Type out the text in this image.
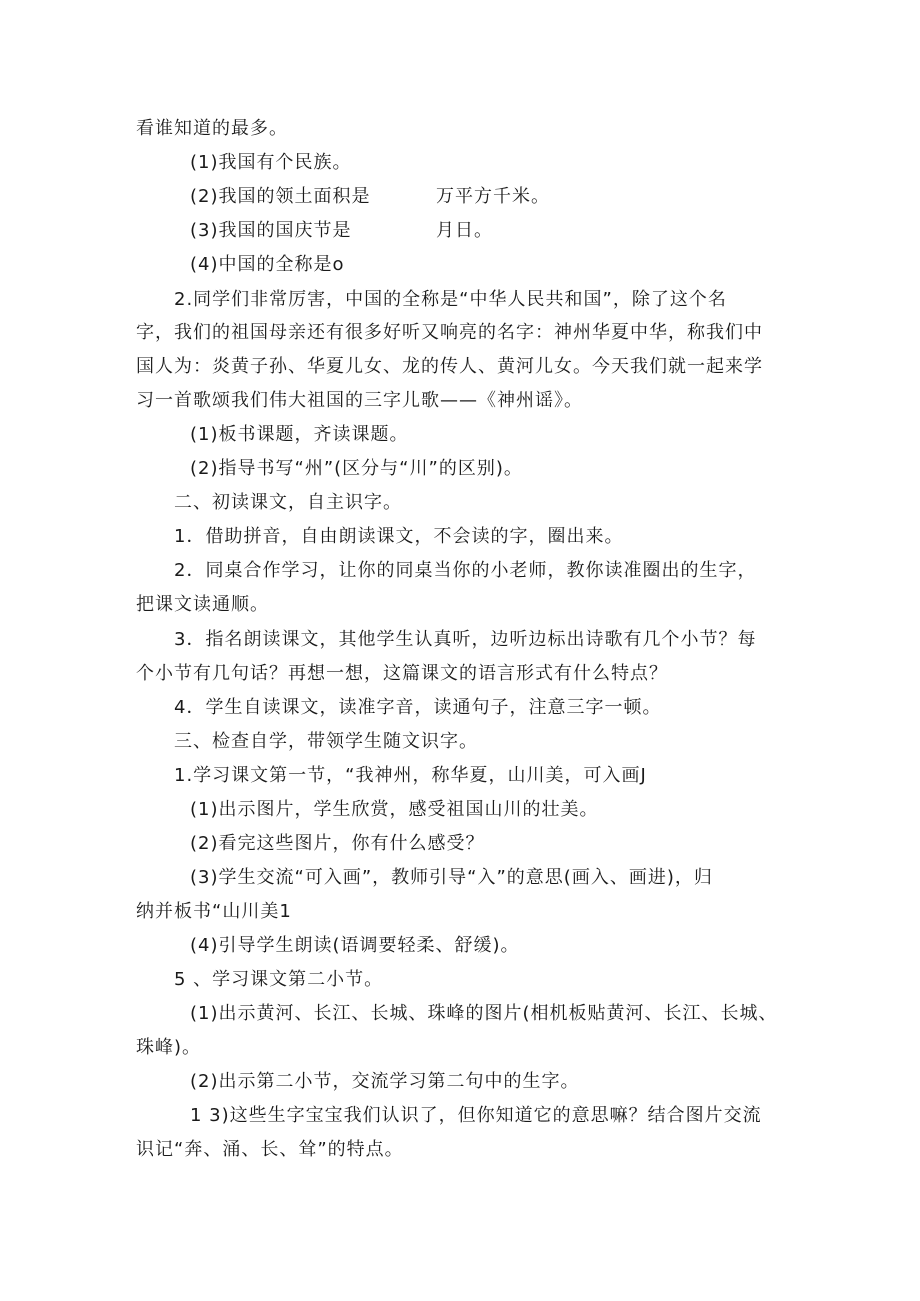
看谁知道的最多。
(1)我国有个民族。
(2)我国的领土面积是	万平方千米。
(3)我国的国庆节是	月日。
(4)中国的全称是o
2.同学们非常厉害，中国的全称是“中华人民共和国”，除了这个名
字，我们的祖国母亲还有很多好听又响亮的名字：神州华夏中华，称我们中
国人为：炎黄子孙、华夏儿女、龙的传人、黄河儿女。今天我们就一起来学
习一首歌颂我们伟大祖国的三字儿歌——《神州谣》。
(1)板书课题，齐读课题。
(2)指导书写“州”(区分与“川”的区别)。
二、初读课文，自主识字。
1．借助拼音，自由朗读课文，不会读的字，圈出来。
2．同桌合作学习，让你的同桌当你的小老师，教你读准圈出的生字，
把课文读通顺。
3．指名朗读课文，其他学生认真听，边听边标出诗歌有几个小节？每
个小节有几句话？再想一想，这篇课文的语言形式有什么特点？
4．学生自读课文，读准字音，读通句子，注意三字一顿。
三、检查自学，带领学生随文识字。
1.学习课文第一节，“我神州，称华夏，山川美，可入画J
(1)出示图片，学生欣赏，感受祖国山川的壮美。
(2)看完这些图片，你有什么感受？
(3)学生交流“可入画”，教师引导“入”的意思(画入、画进)，归
纳并板书“山川美1
(4)引导学生朗读(语调要轻柔、舒缓)。
5 、学习课文第二小节。
(1)出示黄河、长江、长城、珠峰的图片(相机板贴黄河、长江、长城、
珠峰)。
(2)出示第二小节，交流学习第二句中的生字。
1 3)这些生字宝宝我们认识了，但你知道它的意思嘛？结合图片交流
识记“奔、涌、长、耸”的特点。
